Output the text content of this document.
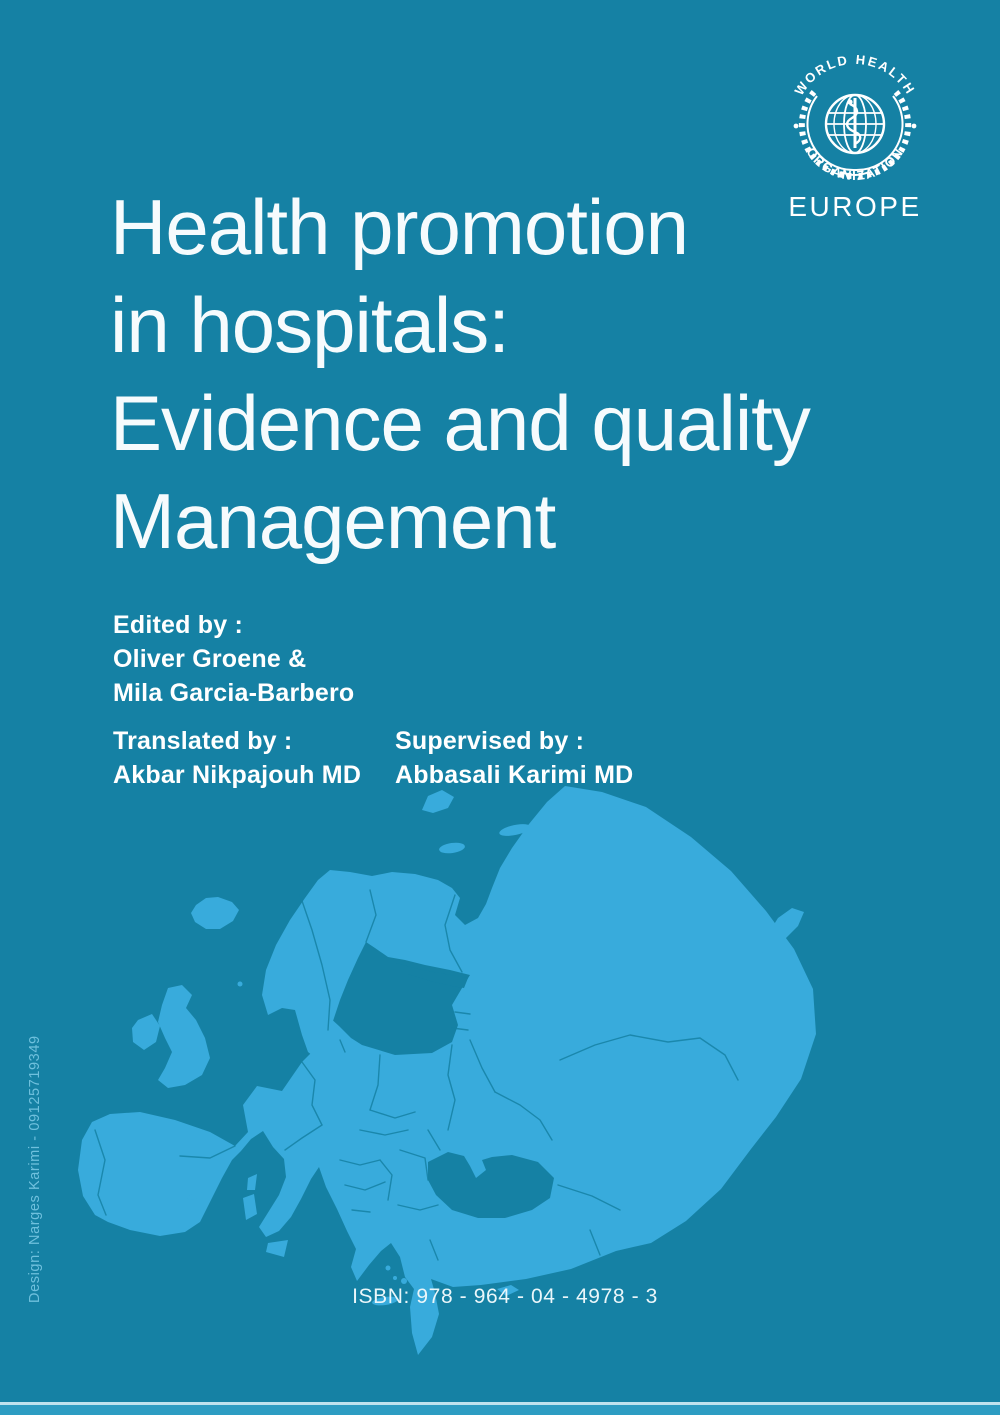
WORLD HEALTH
ORGANIZATION
EUROPE
Health promotion
in hospitals:
Evidence and quality
Management
Edited by :
Oliver Groene &
Mila Garcia-Barbero
Translated by :
Akbar Nikpajouh MD
Supervised by :
Abbasali Karimi MD
ISBN: 978 - 964 - 04 - 4978 - 3
Design: Narges Karimi - 09125719349
